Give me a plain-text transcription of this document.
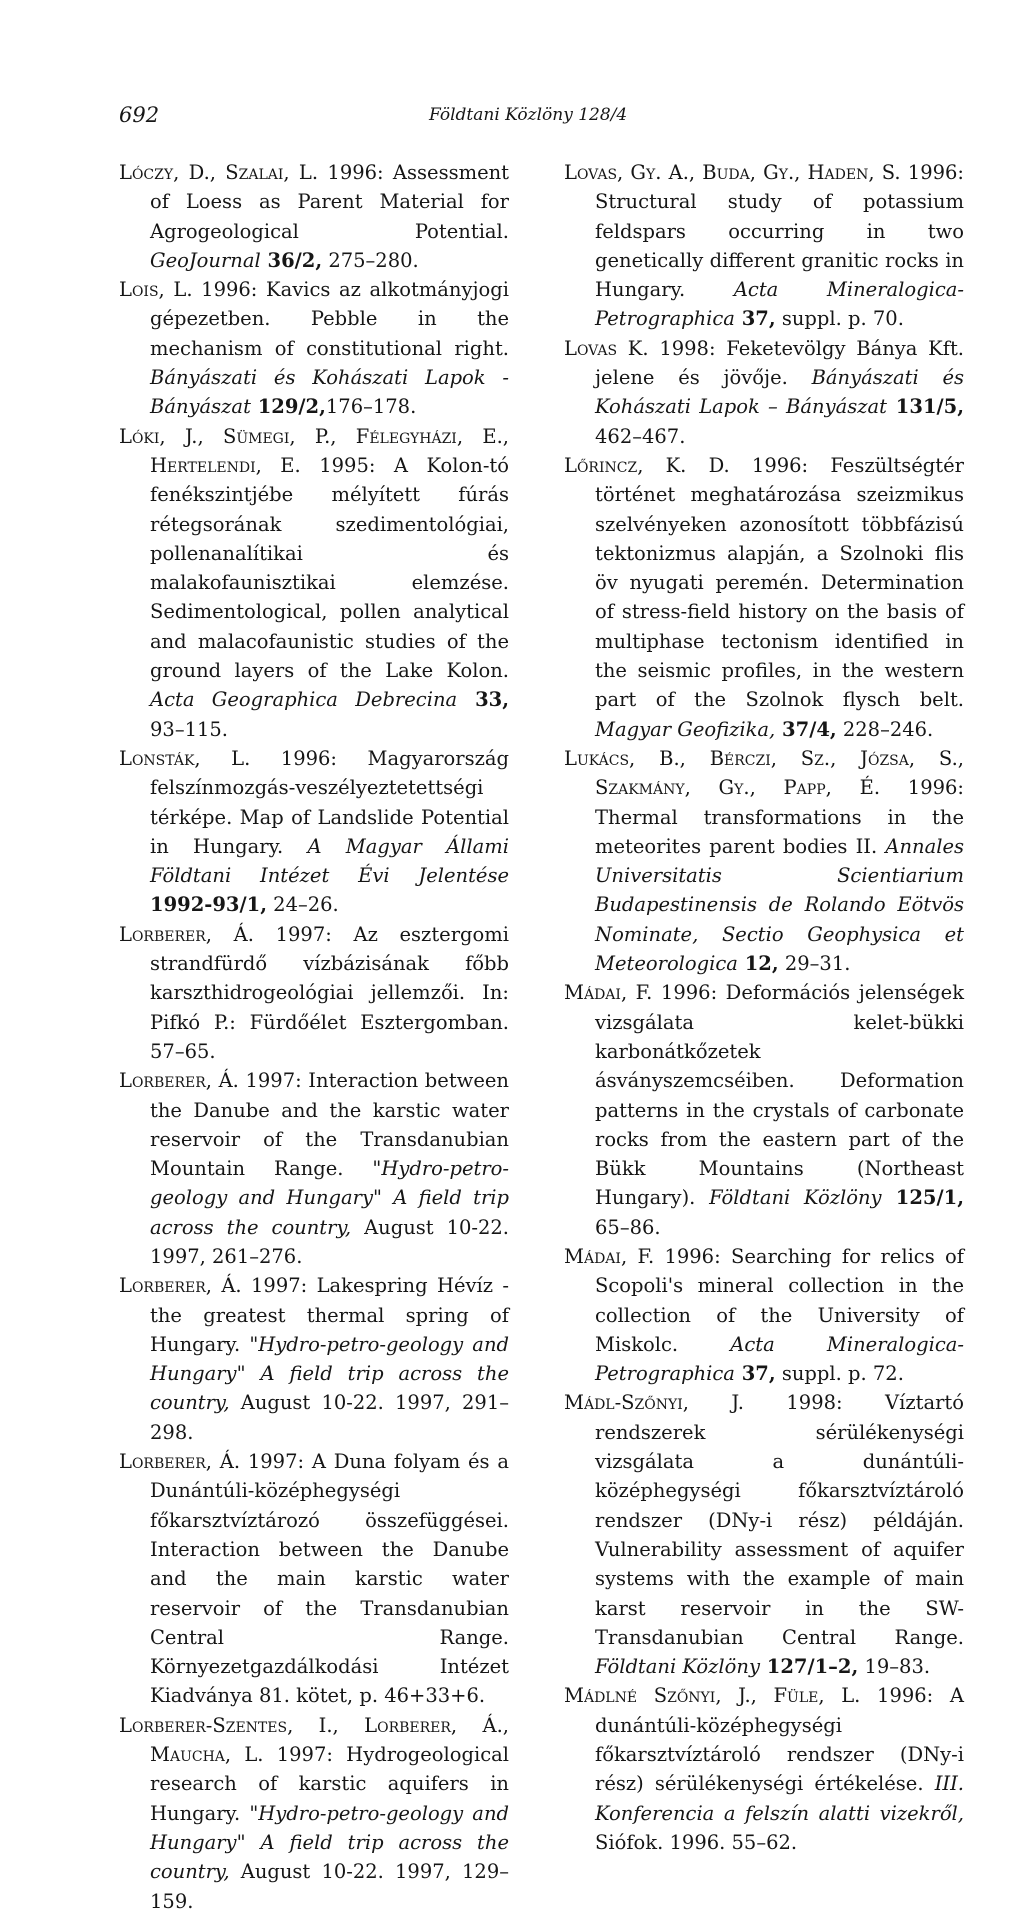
692	Földtani Közlöny 128/4

Lóczy, D., Szalai, L. 1996: Assessment of Loess as Parent Material for Agrogeological Potential. GeoJournal 36/2, 275–280.

Lois, L. 1996: Kavics az alkotmányjogi gépezetben. Pebble in the mechanism of constitutional right. Bányászati és Kohászati Lapok - Bányászat 129/2,176–178.

Lóki, J., Sümegi, P., Félegyházi, E., Hertelendi, E. 1995: A Kolon-tó fenékszintjébe mélyített fúrás rétegsorának szedimentológiai, pollenanalítikai és malakofaunisztikai elemzése. Sedimentological, pollen analytical and malacofaunistic studies of the ground layers of the Lake Kolon. Acta Geographica Debrecina 33, 93–115.

Lonsták, L. 1996: Magyarország felszínmozgás-veszélyeztetettségi térképe. Map of Landslide Potential in Hungary. A Magyar Állami Földtani Intézet Évi Jelentése 1992-93/1, 24–26.

Lorberer, Á. 1997: Az esztergomi strandfürdő vízbázisának főbb karszthidrogeológiai jellemzői. In: Pifkó P.: Fürdőélet Esztergomban. 57–65.

Lorberer, Á. 1997: Interaction between the Danube and the karstic water reservoir of the Transdanubian Mountain Range. "Hydro-petro-geology and Hungary" A field trip across the country, August 10-22. 1997, 261–276.

Lorberer, Á. 1997: Lakespring Hévíz - the greatest thermal spring of Hungary. "Hydro-petro-geology and Hungary" A field trip across the country, August 10-22. 1997, 291–298.

Lorberer, Á. 1997: A Duna folyam és a Dunántúli-középhegységi főkarsztvíztározó összefüggései. Interaction between the Danube and the main karstic water reservoir of the Transdanubian Central Range. Környezetgazdálkodási Intézet Kiadványa 81. kötet, p. 46+33+6.

Lorberer-Szentes, I., Lorberer, Á., Maucha, L. 1997: Hydrogeological research of karstic aquifers in Hungary. "Hydro-petro-geology and Hungary" A field trip across the country, August 10-22. 1997, 129–159.

Lovas, Gy. A., Buda, Gy., Haden, S. 1996: Structural study of potassium feldspars occurring in two genetically different granitic rocks in Hungary. Acta Mineralogica-Petrographica 37, suppl. p. 70.

Lovas K. 1998: Feketevölgy Bánya Kft. jelene és jövője. Bányászati és Kohászati Lapok – Bányászat 131/5, 462–467.

Lőrincz, K. D. 1996: Feszültségtér történet meghatározása szeizmikus szelvényeken azonosított többfázisú tektonizmus alapján, a Szolnoki flis öv nyugati peremén. Determination of stress-field history on the basis of multiphase tectonism identified in the seismic profiles, in the western part of the Szolnok flysch belt. Magyar Geofizika, 37/4, 228–246.

Lukács, B., Bérczi, Sz., Józsa, S., Szakmány, Gy., Papp, É. 1996: Thermal transformations in the meteorites parent bodies II. Annales Universitatis Scientiarium Budapestinensis de Rolando Eötvös Nominate, Sectio Geophysica et Meteorologica 12, 29–31.

Mádai, F. 1996: Deformációs jelenségek vizsgálata kelet-bükki karbonátkőzetek ásványszemcséiben. Deformation patterns in the crystals of carbonate rocks from the eastern part of the Bükk Mountains (Northeast Hungary). Földtani Közlöny 125/1, 65–86.

Mádai, F. 1996: Searching for relics of Scopoli's mineral collection in the collection of the University of Miskolc. Acta Mineralogica-Petrographica 37, suppl. p. 72.

Mádl-Szőnyi, J. 1998: Víztartó rendszerek sérülékenységi vizsgálata a dunántúli-középhegységi főkarsztvíztároló rendszer (DNy-i rész) példáján. Vulnerability assessment of aquifer systems with the example of main karst reservoir in the SW-Transdanubian Central Range. Földtani Közlöny 127/1–2, 19–83.

Mádlné Szőnyi, J., Füle, L. 1996: A dunántúli-középhegységi főkarsztvíztároló rendszer (DNy-i rész) sérülékenységi értékelése. III. Konferencia a felszín alatti vizekről, Siófok. 1996. 55–62.
